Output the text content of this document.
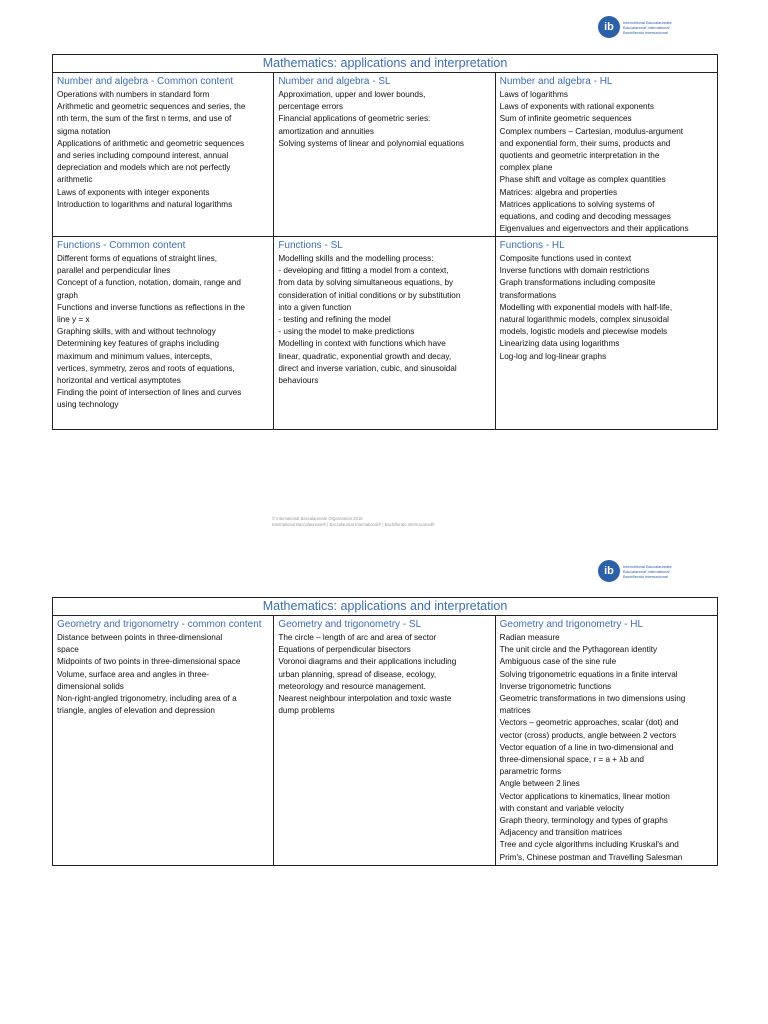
ib	International Baccalaureate
Baccalauréat International
Bachillerato Internacional
Mathematics: applications and interpretation
Number and algebra - Common content
Operations with numbers in standard form
Arithmetic and geometric sequences and series, the
nth term, the sum of the first n terms, and use of
sigma notation
Applications of arithmetic and geometric sequences
and series including compound interest, annual
depreciation and models which are not perfectly
arithmetic
Laws of exponents with integer exponents
Introduction to logarithms and natural logarithms
Number and algebra - SL
Approximation, upper and lower bounds,
percentage errors
Financial applications of geometric series:
amortization and annuities
Solving systems of linear and polynomial equations
Number and algebra - HL
Laws of logarithms
Laws of exponents with rational exponents
Sum of infinite geometric sequences
Complex numbers – Cartesian, modulus-argument
and exponential form, their sums, products and
quotients and geometric interpretation in the
complex plane
Phase shift and voltage as complex quantities
Matrices: algebra and properties
Matrices applications to solving systems of
equations, and coding and decoding messages
Eigenvalues and eigenvectors and their applications
Functions - Common content
Different forms of equations of straight lines,
parallel and perpendicular lines
Concept of a function, notation, domain, range and
graph
Functions and inverse functions as reflections in the
line y = x
Graphing skills, with and without technology
Determining key features of graphs including
maximum and minimum values, intercepts,
vertices, symmetry, zeros and roots of equations,
horizontal and vertical asymptotes
Finding the point of intersection of lines and curves
using technology
Functions - SL
Modelling skills and the modelling process:
- developing and fitting a model from a context,
from data by solving simultaneous equations, by
consideration of initial conditions or by substitution
into a given function
- testing and refining the model
- using the model to make predictions
Modelling in context with functions which have
linear, quadratic, exponential growth and decay,
direct and inverse variation, cubic, and sinusoidal
behaviours
Functions - HL
Composite functions used in context
Inverse functions with domain restrictions
Graph transformations including composite
transformations
Modelling with exponential models with half-life,
natural logarithmic models, complex sinusoidal
models, logistic models and piecewise models
Linearizing data using logarithms
Log-log and log-linear graphs
© International Baccalaureate Organization 2018
International Baccalaureate® | Baccalauréat International® | Bachillerato Internacional®
ib	International Baccalaureate
Baccalauréat International
Bachillerato Internacional
Mathematics: applications and interpretation
Geometry and trigonometry - common content
Distance between points in three-dimensional
space
Midpoints of two points in three-dimensional space
Volume, surface area and angles in three-
dimensional solids
Non-right-angled trigonometry, including area of a
triangle, angles of elevation and depression
Geometry and trigonometry - SL
The circle – length of arc and area of sector
Equations of perpendicular bisectors
Voronoi diagrams and their applications including
urban planning, spread of disease, ecology,
meteorology and resource management.
Nearest neighbour interpolation and toxic waste
dump problems
Geometry and trigonometry - HL
Radian measure
The unit circle and the Pythagorean identity
Ambiguous case of the sine rule
Solving trigonometric equations in a finite interval
Inverse trigonometric functions
Geometric transformations in two dimensions using
matrices
Vectors – geometric approaches, scalar (dot) and
vector (cross) products, angle between 2 vectors
Vector equation of a line in two-dimensional and
three-dimensional space, r = a + λb and
parametric forms
Angle between 2 lines
Vector applications to kinematics, linear motion
with constant and variable velocity
Graph theory, terminology and types of graphs
Adjacency and transition matrices
Tree and cycle algorithms including Kruskal's and
Prim's, Chinese postman and Travelling Salesman
